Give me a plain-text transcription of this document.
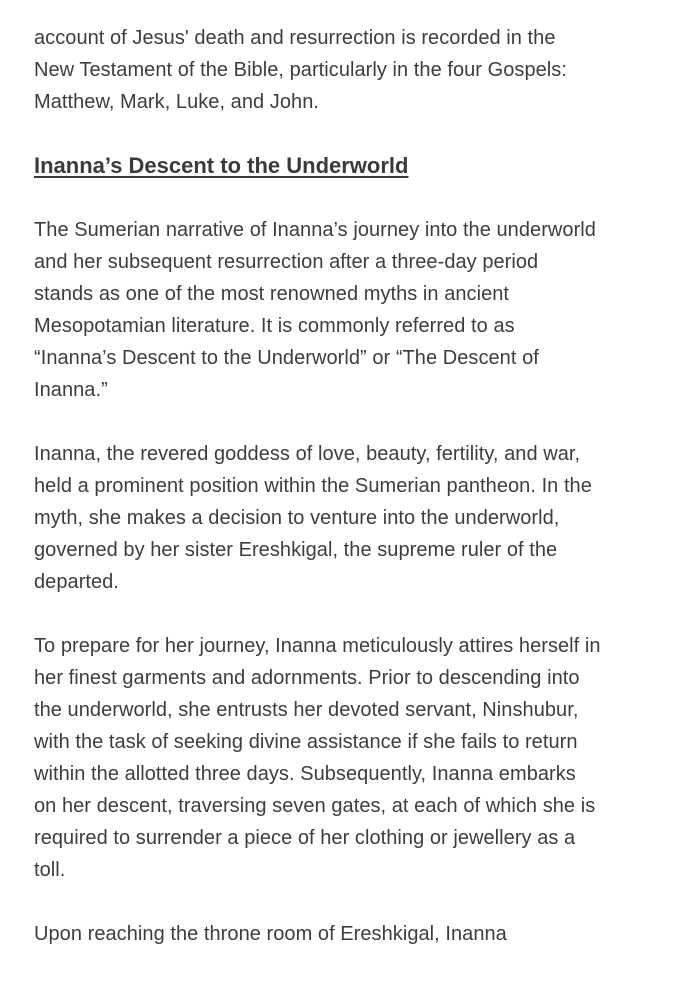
account of Jesus' death and resurrection is recorded in the
New Testament of the Bible, particularly in the four Gospels:
Matthew, Mark, Luke, and John.

Inanna’s Descent to the Underworld

The Sumerian narrative of Inanna’s journey into the underworld
and her subsequent resurrection after a three-day period
stands as one of the most renowned myths in ancient
Mesopotamian literature. It is commonly referred to as
“Inanna’s Descent to the Underworld” or “The Descent of
Inanna.”

Inanna, the revered goddess of love, beauty, fertility, and war,
held a prominent position within the Sumerian pantheon. In the
myth, she makes a decision to venture into the underworld,
governed by her sister Ereshkigal, the supreme ruler of the
departed.

To prepare for her journey, Inanna meticulously attires herself in
her finest garments and adornments. Prior to descending into
the underworld, she entrusts her devoted servant, Ninshubur,
with the task of seeking divine assistance if she fails to return
within the allotted three days. Subsequently, Inanna embarks
on her descent, traversing seven gates, at each of which she is
required to surrender a piece of her clothing or jewellery as a
toll.

Upon reaching the throne room of Ereshkigal, Inanna
